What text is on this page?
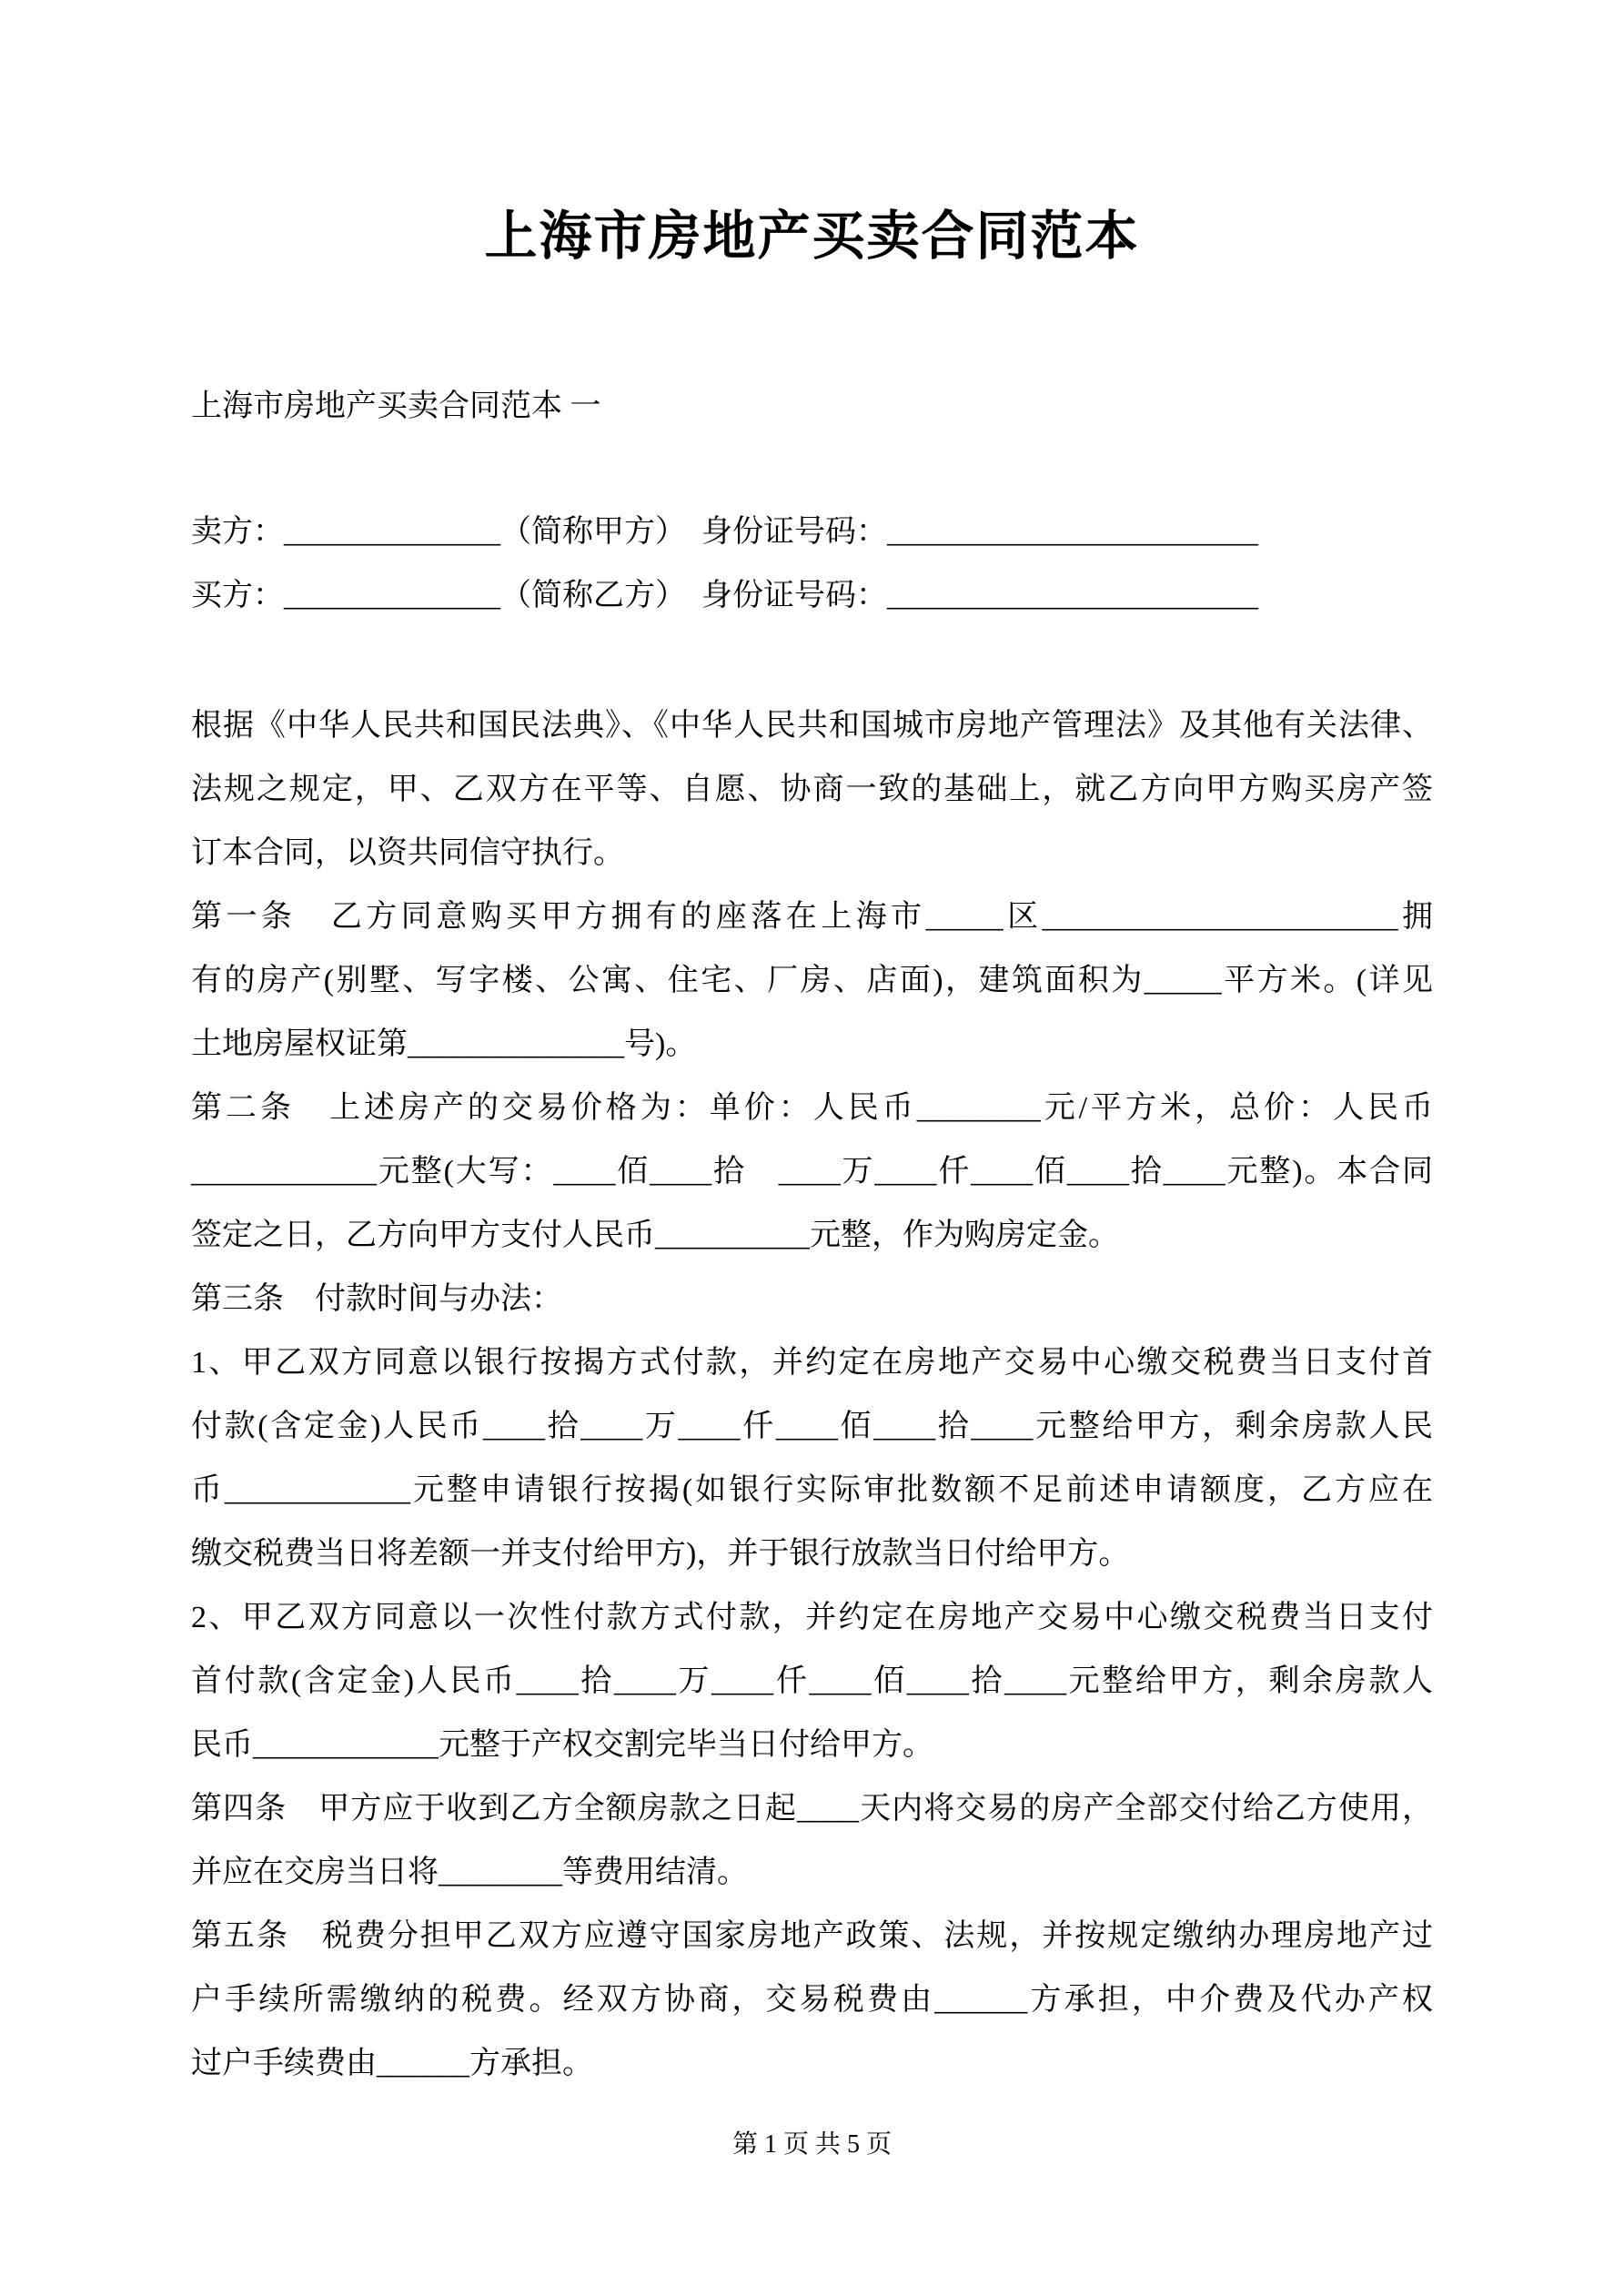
上海市房地产买卖合同范本
上海市房地产买卖合同范本 一
卖方：______________（简称甲方）　身份证号码：________________________
买方：______________（简称乙方）　身份证号码：________________________
根据《中华人民共和国民法典》、《中华人民共和国城市房地产管理法》及其他有关法律、
法规之规定，甲、乙双方在平等、自愿、协商一致的基础上，就乙方向甲方购买房产签
订本合同，以资共同信守执行。
第一条　乙方同意购买甲方拥有的座落在上海市_____区_______________________拥
有的房产(别墅、写字楼、公寓、住宅、厂房、店面)，建筑面积为_____平方米。(详见
土地房屋权证第______________号)。
第二条　上述房产的交易价格为：单价：人民币________元/平方米，总价：人民币
____________元整(大写：____佰____拾　____万____仟____佰____拾____元整)。本合同
签定之日，乙方向甲方支付人民币__________元整，作为购房定金。
第三条　付款时间与办法：
1、甲乙双方同意以银行按揭方式付款，并约定在房地产交易中心缴交税费当日支付首
付款(含定金)人民币____拾____万____仟____佰____拾____元整给甲方，剩余房款人民
币____________元整申请银行按揭(如银行实际审批数额不足前述申请额度，乙方应在
缴交税费当日将差额一并支付给甲方)，并于银行放款当日付给甲方。
2、甲乙双方同意以一次性付款方式付款，并约定在房地产交易中心缴交税费当日支付
首付款(含定金)人民币____拾____万____仟____佰____拾____元整给甲方，剩余房款人
民币____________元整于产权交割完毕当日付给甲方。
第四条　甲方应于收到乙方全额房款之日起____天内将交易的房产全部交付给乙方使用，
并应在交房当日将________等费用结清。
第五条　税费分担甲乙双方应遵守国家房地产政策、法规，并按规定缴纳办理房地产过
户手续所需缴纳的税费。经双方协商，交易税费由______方承担，中介费及代办产权
过户手续费由______方承担。
第 1 页 共 5 页
